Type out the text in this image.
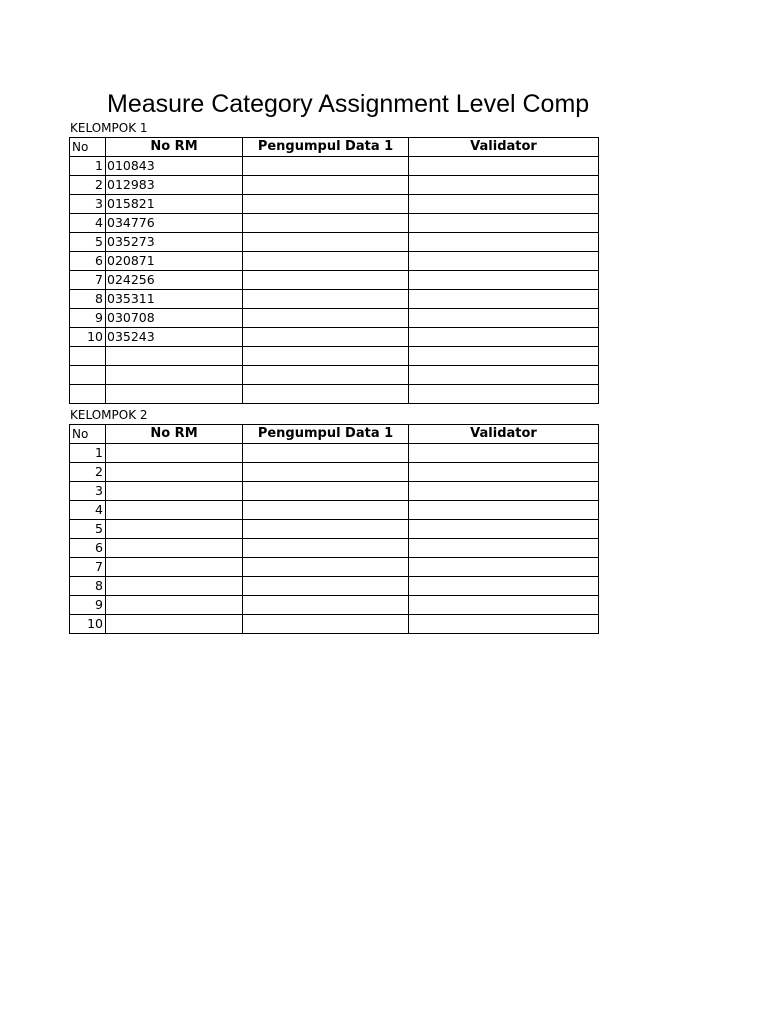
Measure Category Assignment Level Comp
KELOMPOK 1
No	No RM	Pengumpul Data 1	Validator
1	010843		
2	012983		
3	015821		
4	034776		
5	035273		
6	020871		
7	024256		
8	035311		
9	030708		
10	035243		

KELOMPOK 2
No	No RM	Pengumpul Data 1	Validator
1			
2			
3			
4			
5			
6			
7			
8			
9			
10			
